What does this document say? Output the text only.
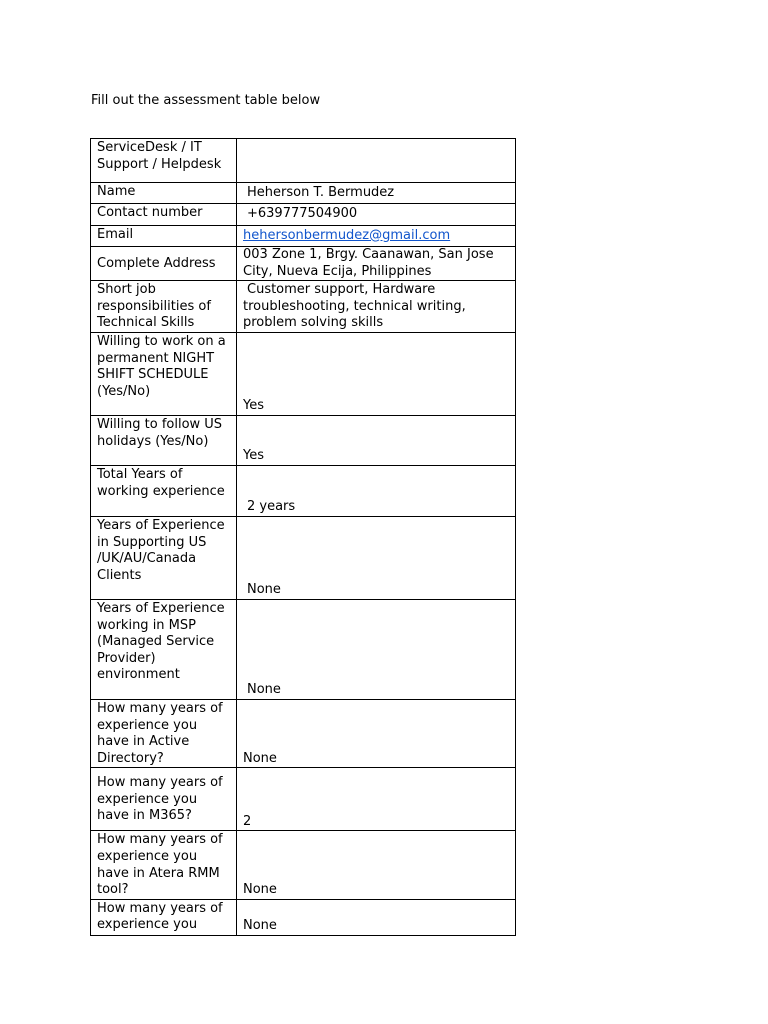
Fill out the assessment table below
ServiceDesk / IT Support / Helpdesk	
Name	Heherson T. Bermudez
Contact number	+639777504900
Email	hehersonbermudez@gmail.com
Complete Address	003 Zone 1, Brgy. Caanawan, San Jose City, Nueva Ecija, Philippines
Short job responsibilities of Technical Skills	Customer support, Hardware troubleshooting, technical writing, problem solving skills
Willing to work on a permanent NIGHT SHIFT SCHEDULE (Yes/No)	Yes
Willing to follow US holidays (Yes/No)	Yes
Total Years of working experience	2 years
Years of Experience in Supporting US /UK/AU/Canada Clients	None
Years of Experience working in MSP (Managed Service Provider) environment	None
How many years of experience you have in Active Directory?	None
How many years of experience you have in M365?	2
How many years of experience you have in Atera RMM tool?	None
How many years of experience you	None
